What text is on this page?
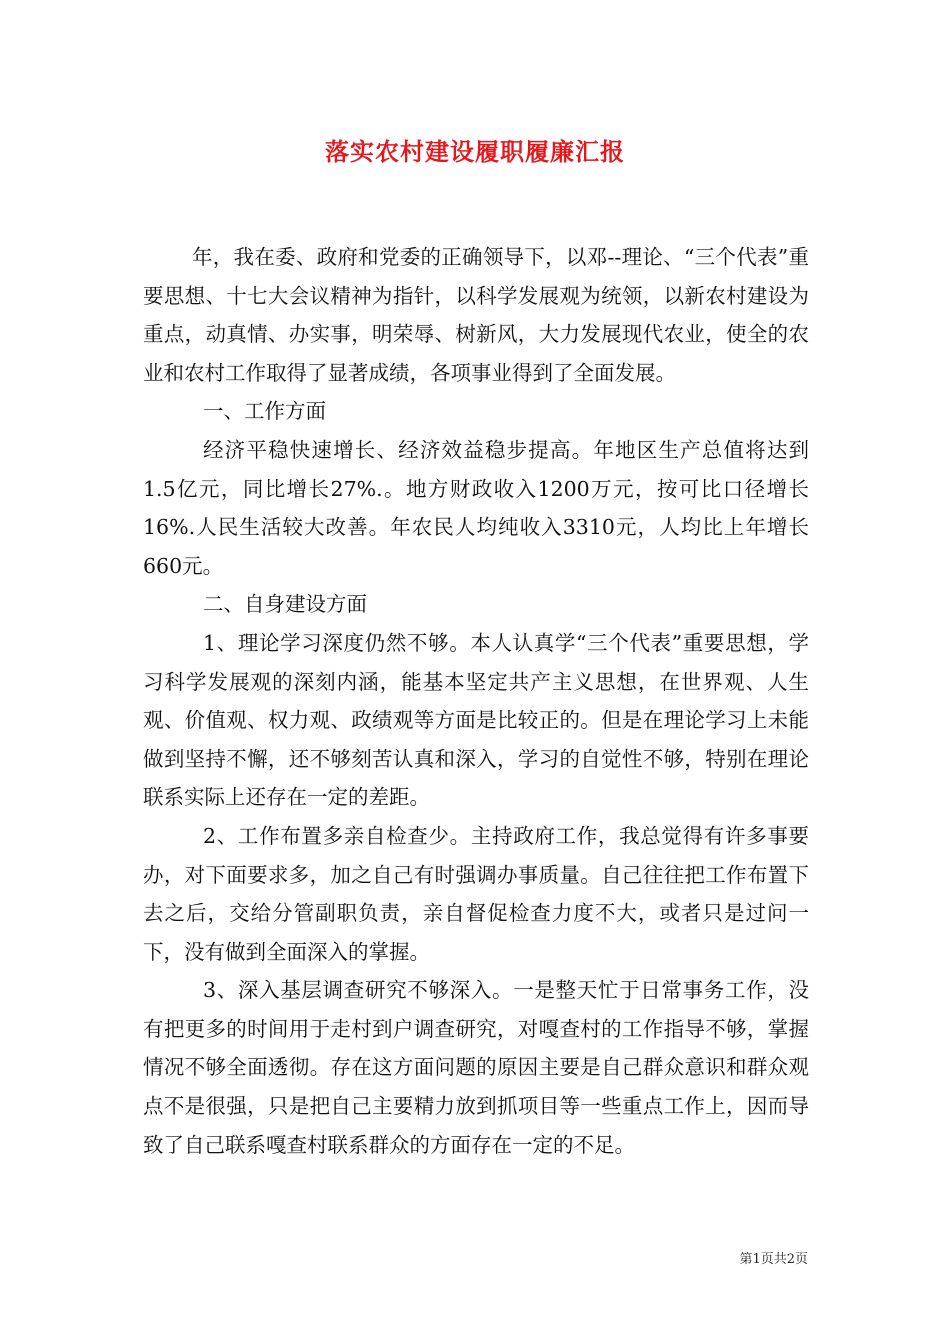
落实农村建设履职履廉汇报

年，我在委、政府和党委的正确领导下，以邓--理论、“三个代表”重要思想、十七大会议精神为指针，以科学发展观为统领，以新农村建设为重点，动真情、办实事，明荣辱、树新风，大力发展现代农业，使全的农业和农村工作取得了显著成绩，各项事业得到了全面发展。

一、工作方面

经济平稳快速增长、经济效益稳步提高。年地区生产总值将达到1.5亿元，同比增长27%.。地方财政收入1200万元，按可比口径增长16%.人民生活较大改善。年农民人均纯收入3310元，人均比上年增长660元。

二、自身建设方面

1、理论学习深度仍然不够。本人认真学“三个代表”重要思想，学习科学发展观的深刻内涵，能基本坚定共产主义思想，在世界观、人生观、价值观、权力观、政绩观等方面是比较正的。但是在理论学习上未能做到坚持不懈，还不够刻苦认真和深入，学习的自觉性不够，特别在理论联系实际上还存在一定的差距。

2、工作布置多亲自检查少。主持政府工作，我总觉得有许多事要办，对下面要求多，加之自己有时强调办事质量。自己往往把工作布置下去之后，交给分管副职负责，亲自督促检查力度不大，或者只是过问一下，没有做到全面深入的掌握。

3、深入基层调查研究不够深入。一是整天忙于日常事务工作，没有把更多的时间用于走村到户调查研究，对嘎查村的工作指导不够，掌握情况不够全面透彻。存在这方面问题的原因主要是自己群众意识和群众观点不是很强，只是把自己主要精力放到抓项目等一些重点工作上，因而导致了自己联系嘎查村联系群众的方面存在一定的不足。

第1页共2页
